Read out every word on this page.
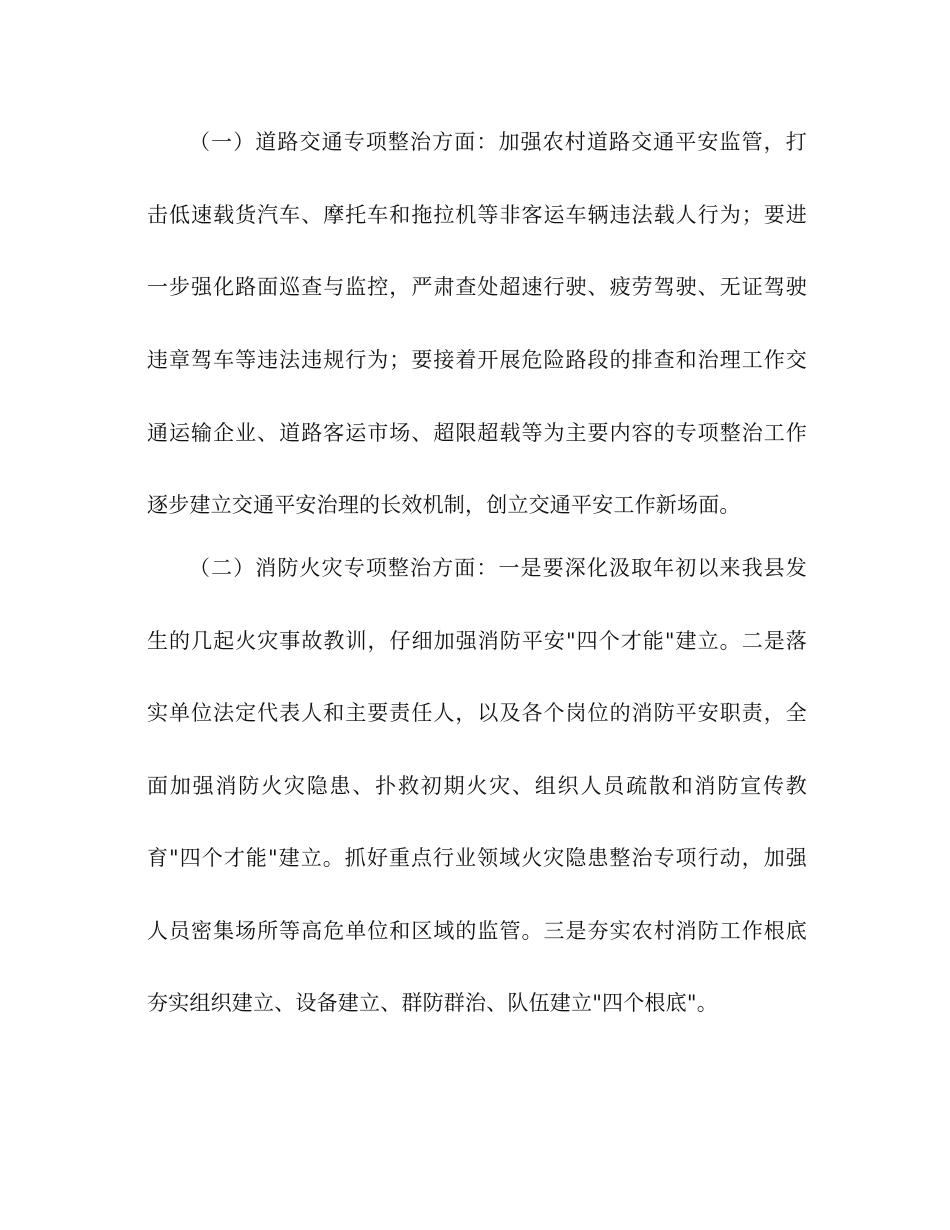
（一）道路交通专项整治方面：加强农村道路交通平安监管，打
击低速载货汽车、摩托车和拖拉机等非客运车辆违法载人行为；要进
一步强化路面巡查与监控，严肃查处超速行驶、疲劳驾驶、无证驾驶
违章驾车等违法违规行为；要接着开展危险路段的排查和治理工作交
通运输企业、道路客运市场、超限超载等为主要内容的专项整治工作
逐步建立交通平安治理的长效机制，创立交通平安工作新场面。
（二）消防火灾专项整治方面：一是要深化汲取年初以来我县发
生的几起火灾事故教训，仔细加强消防平安"四个才能"建立。二是落
实单位法定代表人和主要责任人，以及各个岗位的消防平安职责，全
面加强消防火灾隐患、扑救初期火灾、组织人员疏散和消防宣传教
育"四个才能"建立。抓好重点行业领域火灾隐患整治专项行动，加强
人员密集场所等高危单位和区域的监管。三是夯实农村消防工作根底
夯实组织建立、设备建立、群防群治、队伍建立"四个根底"。
